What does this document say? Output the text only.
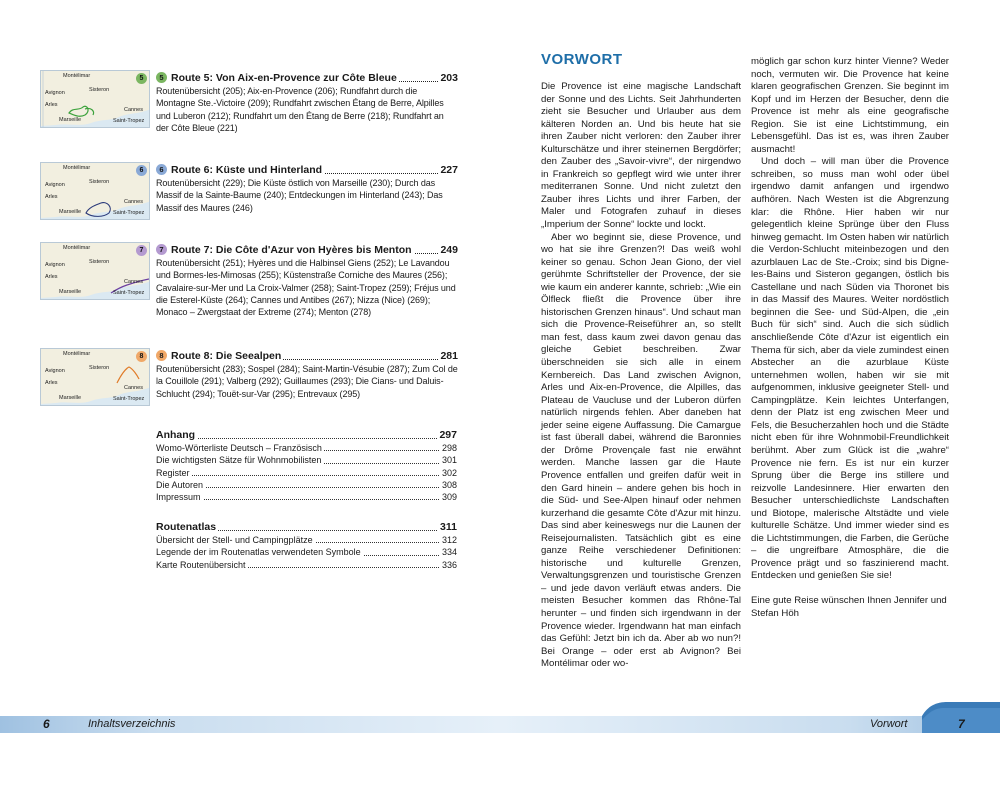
Montélimar
Avignon	Sisteron
Arles
Cannes
Marseille	Saint-Tropez
5	5 Route 5: Von Aix-en-Provence zur Côte Bleue	203
Routenübersicht (205); Aix-en-Provence (206); Rundfahrt durch die Montagne Ste.-Victoire (209); Rundfahrt zwischen Étang de Berre, Alpilles und Luberon (212); Rundfahrt um den Étang de Berre (218); Rundfahrt an der Côte Bleue (221)
Montélimar
Avignon	Sisteron
Arles
Cannes
Marseille	Saint-Tropez
6	6 Route 6: Küste und Hinterland	227
Routenübersicht (229); Die Küste östlich von Marseille (230); Durch das Massif de la Sainte-Baume (240); Entdeckungen im Hinterland (243); Das Massif des Maures (246)
Montélimar
Avignon	Sisteron
Arles
Cannes
Marseille	Saint-Tropez
7	7 Route 7: Die Côte d'Azur von Hyères bis Menton	249
Routenübersicht (251); Hyères und die Halbinsel Giens (252); Le Lavandou und Bormes-les-Mimosas (255); Küstenstraße Corniche des Maures (256); Cavalaire-sur-Mer und La Croix-Valmer (258); Saint-Tropez (259); Fréjus und die Esterel-Küste (264); Cannes und Antibes (267); Nizza (Nice) (269); Monaco – Zwergstaat der Extreme (274); Menton (278)
Montélimar
Avignon	Sisteron
Arles
Cannes
Marseille	Saint-Tropez
8	8 Route 8: Die Seealpen	281
Routenübersicht (283); Sospel (284); Saint-Martin-Vésubie (287); Zum Col de la Couillole (291); Valberg (292); Guillaumes (293); Die Cians- und Daluis-Schlucht (294); Touët-sur-Var (295); Entrevaux (295)
Anhang	297
Womo-Wörterliste Deutsch – Französisch	298
Die wichtigsten Sätze für Wohnmobilisten	301
Register	302
Die Autoren	308
Impressum	309
Routenatlas	311
Übersicht der Stell- und Campingplätze	312
Legende der im Routenatlas verwendeten Symbole	334
Karte Routenübersicht	336
VORWORT

Die Provence ist eine magische Landschaft der Sonne und des Lichts. Seit Jahrhunderten zieht sie Besucher und Urlauber aus dem kälteren Norden an. Und bis heute hat sie ihren Zauber nicht verloren: den Zauber ihrer Kulturschätze und ihrer steinernen Bergdörfer; den Zauber des „Savoir-vivre“, der nirgendwo in Frankreich so gepflegt wird wie unter ihrer mediterranen Sonne. Und nicht zuletzt den Zauber ihres Lichts und ihrer Farben, der Maler und Fotografen zuhauf in dieses „Imperium der Sonne“ lockte und lockt.

Aber wo beginnt sie, diese Provence, und wo hat sie ihre Grenzen?! Das weiß wohl keiner so genau. Schon Jean Giono, der viel gerühmte Schriftsteller der Provence, der sie wie kaum ein anderer kannte, schrieb: „Wie ein Ölfleck fließt die Provence über ihre historischen Grenzen hinaus“. Und schaut man sich die Provence-Reiseführer an, so stellt man fest, dass kaum zwei davon genau das gleiche Gebiet beschreiben. Zwar überschneiden sie sich alle in einem Kernbereich. Das Land zwischen Avignon, Arles und Aix-en-Provence, die Alpilles, das Plateau de Vaucluse und der Luberon dürfen natürlich nirgends fehlen. Aber daneben hat jeder seine eigene Auffassung. Die Camargue ist fast überall dabei, während die Baronnies der Drôme Provençale fast nie erwähnt werden. Manche lassen gar die Haute Provence entfallen und greifen dafür weit in den Gard hinein – andere gehen bis hoch in die Süd- und See-Alpen hinauf oder nehmen kurzerhand die gesamte Côte d'Azur mit hinzu. Das sind aber keineswegs nur die Launen der Reisejournalisten. Tatsächlich gibt es eine ganze Reihe verschiedener Definitionen: historische und kulturelle Grenzen, Verwaltungsgrenzen und touristische Grenzen – und jede davon verläuft etwas anders. Die meisten Besucher kommen das Rhône-Tal herunter – und finden sich irgendwann in der Provence wieder. Irgendwann hat man einfach das Gefühl: Jetzt bin ich da. Aber ab wo nun?! Bei Orange – oder erst ab Avignon? Bei Montélimar oder wo-

möglich gar schon kurz hinter Vienne? Weder noch, vermuten wir. Die Provence hat keine klaren geografischen Grenzen. Sie beginnt im Kopf und im Herzen der Besucher, denn die Provence ist mehr als eine geografische Region. Sie ist eine Lichtstimmung, ein Lebensgefühl. Das ist es, was ihren Zauber ausmacht!

Und doch – will man über die Provence schreiben, so muss man wohl oder übel irgendwo damit anfangen und irgendwo aufhören. Nach Westen ist die Abgrenzung klar: die Rhône. Hier haben wir nur gelegentlich kleine Sprünge über den Fluss hinweg gemacht. Im Osten haben wir natürlich die Verdon-Schlucht miteinbezogen und den azurblauen Lac de Ste.-Croix; sind bis Digne-les-Bains und Sisteron gegangen, östlich bis Castellane und nach Süden via Thoronet bis in das Massif des Maures. Weiter nordöstlich beginnen die See- und Süd-Alpen, die „ein Buch für sich“ sind. Auch die sich südlich anschließende Côte d'Azur ist eigentlich ein Thema für sich, aber da viele zumindest einen Abstecher an die azurblaue Küste unternehmen wollen, haben wir sie mit aufgenommen, inklusive geeigneter Stell- und Campingplätze. Kein leichtes Unterfangen, denn der Platz ist eng zwischen Meer und Fels, die Besucherzahlen hoch und die Städte nicht eben für ihre Wohnmobil-Freundlichkeit berühmt. Aber zum Glück ist die „wahre“ Provence nie fern. Es ist nur ein kurzer Sprung über die Berge ins stillere und reizvolle Landesinnere. Hier erwarten den Besucher unterschiedlichste Landschaften und Biotope, malerische Altstädte und viele kulturelle Schätze. Und immer wieder sind es die Lichtstimmungen, die Farben, die Gerüche – die ungreifbare Atmosphäre, die die Provence prägt und so faszinierend macht. Entdecken und genießen Sie sie!

Eine gute Reise wünschen Ihnen Jennifer und Stefan Höh

6	Inhaltsverzeichnis	Vorwort	7
